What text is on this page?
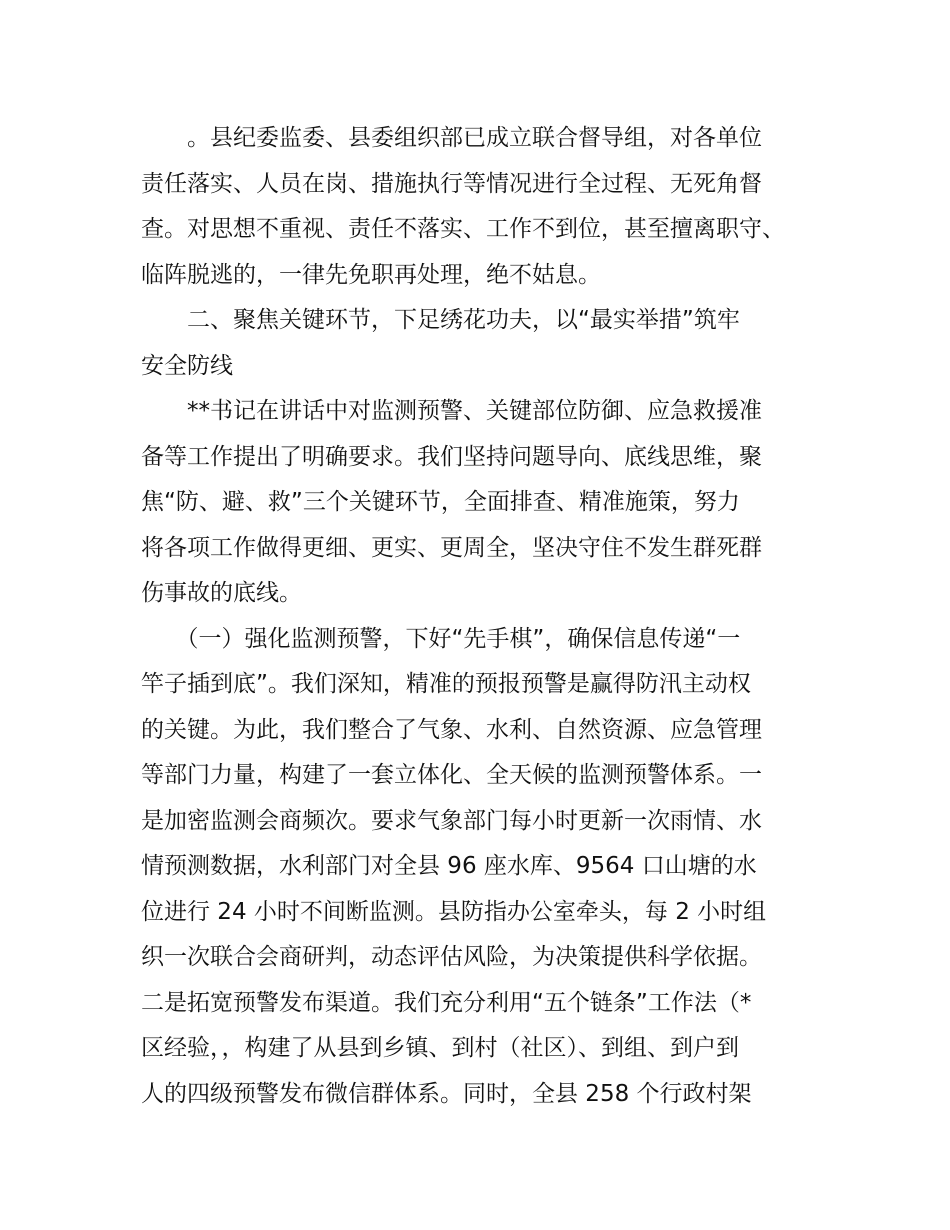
　　。县纪委监委、县委组织部已成立联合督导组，对各单位
责任落实、人员在岗、措施执行等情况进行全过程、无死角督
查。对思想不重视、责任不落实、工作不到位，甚至擅离职守、
临阵脱逃的，一律先免职再处理，绝不姑息。
　　二、聚焦关键环节，下足绣花功夫，以“最实举措”筑牢
安全防线
　　**书记在讲话中对监测预警、关键部位防御、应急救援准
备等工作提出了明确要求。我们坚持问题导向、底线思维，聚
焦“防、避、救”三个关键环节，全面排查、精准施策，努力
将各项工作做得更细、更实、更周全，坚决守住不发生群死群
伤事故的底线。
　　（一）强化监测预警，下好“先手棋”，确保信息传递“一
竿子插到底”。我们深知，精准的预报预警是赢得防汛主动权
的关键。为此，我们整合了气象、水利、自然资源、应急管理
等部门力量，构建了一套立体化、全天候的监测预警体系。一
是加密监测会商频次。要求气象部门每小时更新一次雨情、水
情预测数据，水利部门对全县 96 座水库、9564 口山塘的水
位进行 24 小时不间断监测。县防指办公室牵头，每 2 小时组
织一次联合会商研判，动态评估风险，为决策提供科学依据。
二是拓宽预警发布渠道。我们充分利用“五个链条”工作法（*
区经验，，构建了从县到乡镇、到村（社区）、到组、到户到
人的四级预警发布微信群体系。同时，全县 258 个行政村架
